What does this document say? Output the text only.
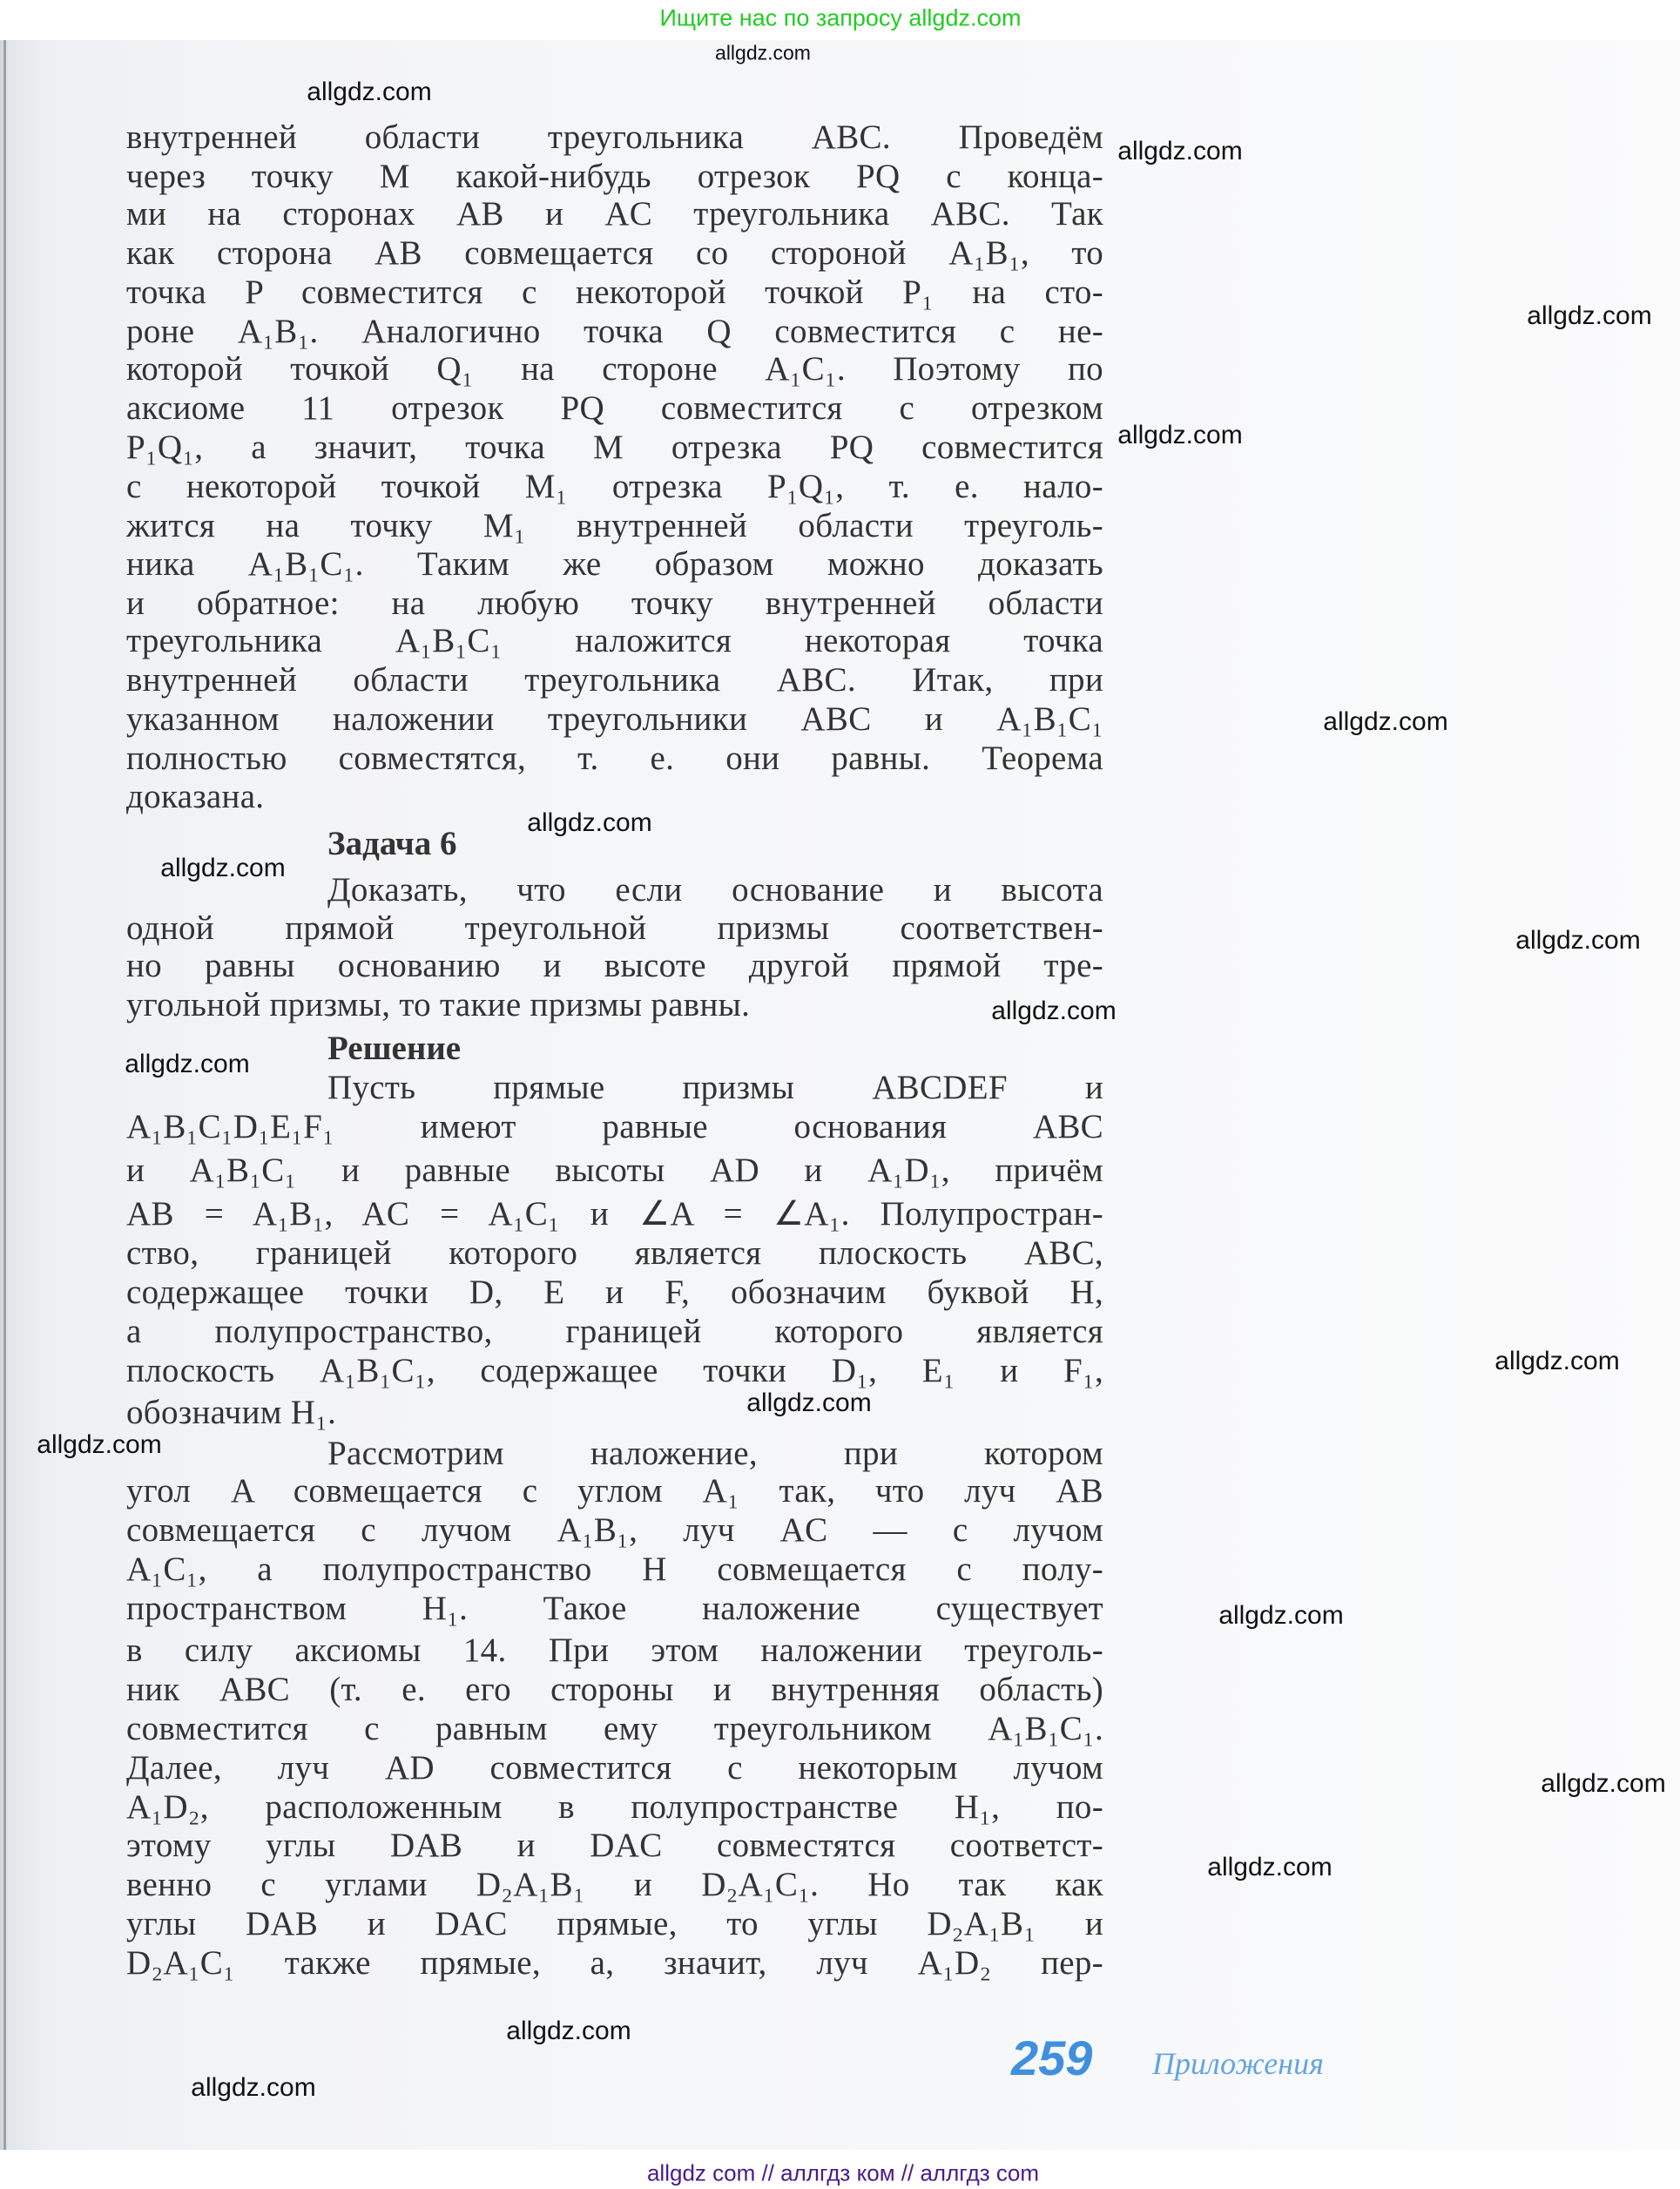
внутренней области треугольника ABC. Проведём
через точку M какой-нибудь отрезок PQ с конца-
ми на сторонах AB и AC треугольника ABC. Так
как сторона AB совмещается со стороной A₁B₁, то
точка P совместится с некоторой точкой P₁ на сто-
роне A₁B₁. Аналогично точка Q совместится с не-
которой точкой Q₁ на стороне A₁C₁. Поэтому по
аксиоме 11 отрезок PQ совместится с отрезком
P₁Q₁, а значит, точка M отрезка PQ совместится
с некоторой точкой M₁ отрезка P₁Q₁, т. е. нало-
жится на точку M₁ внутренней области треуголь-
ника A₁B₁C₁. Таким же образом можно доказать
и обратное: на любую точку внутренней области
треугольника A₁B₁C₁ наложится некоторая точка
внутренней области треугольника ABC. Итак, при
указанном наложении треугольники ABC и A₁B₁C₁
полностью совместятся, т. е. они равны. Теорема
доказана.
Задача 6
Доказать, что если основание и высота
одной прямой треугольной призмы соответствен-
но равны основанию и высоте другой прямой тре-
угольной призмы, то такие призмы равны.
Решение
Пусть прямые призмы ABCDEF и
A₁B₁C₁D₁E₁F₁ имеют равные основания ABC
и A₁B₁C₁ и равные высоты AD и A₁D₁, причём
AB = A₁B₁, AC = A₁C₁ и ∠A = ∠A₁. Полупростран-
ство, границей которого является плоскость ABC,
содержащее точки D, E и F, обозначим буквой H,
а полупространство, границей которого является
плоскость A₁B₁C₁, содержащее точки D₁, E₁ и F₁,
обозначим H₁.
Рассмотрим наложение, при котором
угол A совмещается с углом A₁ так, что луч AB
совмещается с лучом A₁B₁, луч AC — с лучом
A₁C₁, а полупространство H совмещается с полу-
пространством H₁. Такое наложение существует
в силу аксиомы 14. При этом наложении треуголь-
ник ABC (т. е. его стороны и внутренняя область)
совместится с равным ему треугольником A₁B₁C₁.
Далее, луч AD совместится с некоторым лучом
A₁D₂, расположенным в полупространстве H₁, по-
этому углы DAB и DAC совместятся соответст-
венно с углами D₂A₁B₁ и D₂A₁C₁. Но так как
углы DAB и DAC прямые, то углы D₂A₁B₁ и
D₂A₁C₁ также прямые, а, значит, луч A₁D₂ пер-
259 Приложения
Ищите нас по запросу allgdz.com
allgdz.com
allgdz.com
allgdz.com
allgdz.com
allgdz.com
allgdz.com
allgdz.com
allgdz.com
allgdz.com
allgdz.com
allgdz.com
allgdz.com
allgdz.com
allgdz.com
allgdz.com
allgdz.com
allgdz.com
allgdz.com
allgdz.com
allgdz com // аллгдз ком // аллгдз com
